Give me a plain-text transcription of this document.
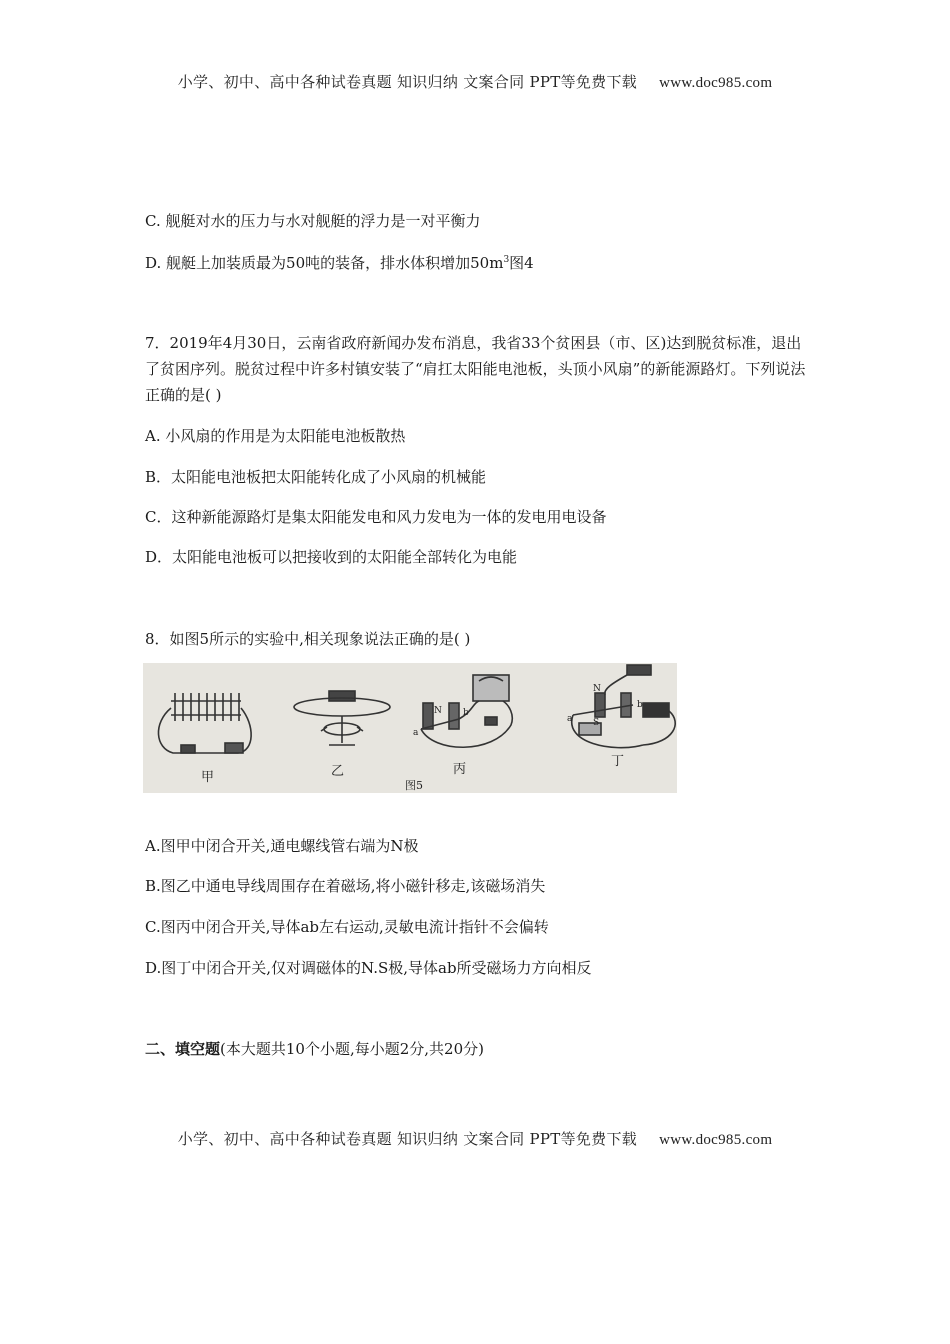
小学、初中、高中各种试卷真题 知识归纳 文案合同 PPT等免费下载 www.doc985.com
C. 舰艇对水的压力与水对舰艇的浮力是一对平衡力
D. 舰艇上加装质最为50吨的装备，排水体积增加$50m^3$图4
7．2019年4月30日，云南省政府新闻办发布消息，我省33个贫困县（市、区)达到脱贫标准，退出了贫困序列。脱贫过程中许多村镇安装了“肩扛太阳能电池板，头顶小风扇”的新能源路灯。下列说法正确的是( )
A. 小风扇的作用是为太阳能电池板散热
B．太阳能电池板把太阳能转化成了小风扇的机械能
C．这种新能源路灯是集太阳能发电和风力发电为一体的发电用电设备
D．太阳能电池板可以把接收到的太阳能全部转化为电能
8．如图5所示的实验中,相关现象说法正确的是( )
甲	乙	丙
丁
图5
N b
a
N
S
a
b
A.图甲中闭合开关,通电螺线管右端为N极
B.图乙中通电导线周围存在着磁场,将小磁针移走,该磁场消失
C.图丙中闭合开关,导体ab左右运动,灵敏电流计指针不会偏转
D.图丁中闭合开关,仅对调磁体的N.S极,导体ab所受磁场力方向相反
二、填空题(本大题共10个小题,每小题2分,共20分)
小学、初中、高中各种试卷真题 知识归纳 文案合同 PPT等免费下载 www.doc985.com
